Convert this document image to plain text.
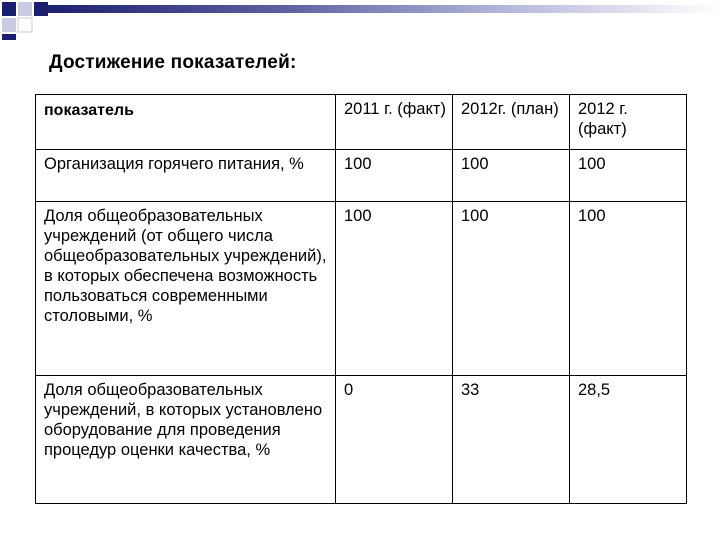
Достижение показателей:
показатель	2011 г. (факт)	2012г. (план)	2012 г. (факт)
Организация горячего питания, %	100	100	100
Доля общеобразовательных учреждений (от общего числа общеобразовательных учреждений), в которых обеспечена возможность пользоваться современными столовыми, %	100	100	100
Доля общеобразовательных учреждений, в которых установлено оборудование для проведения процедур оценки качества, %	0	33	28,5
